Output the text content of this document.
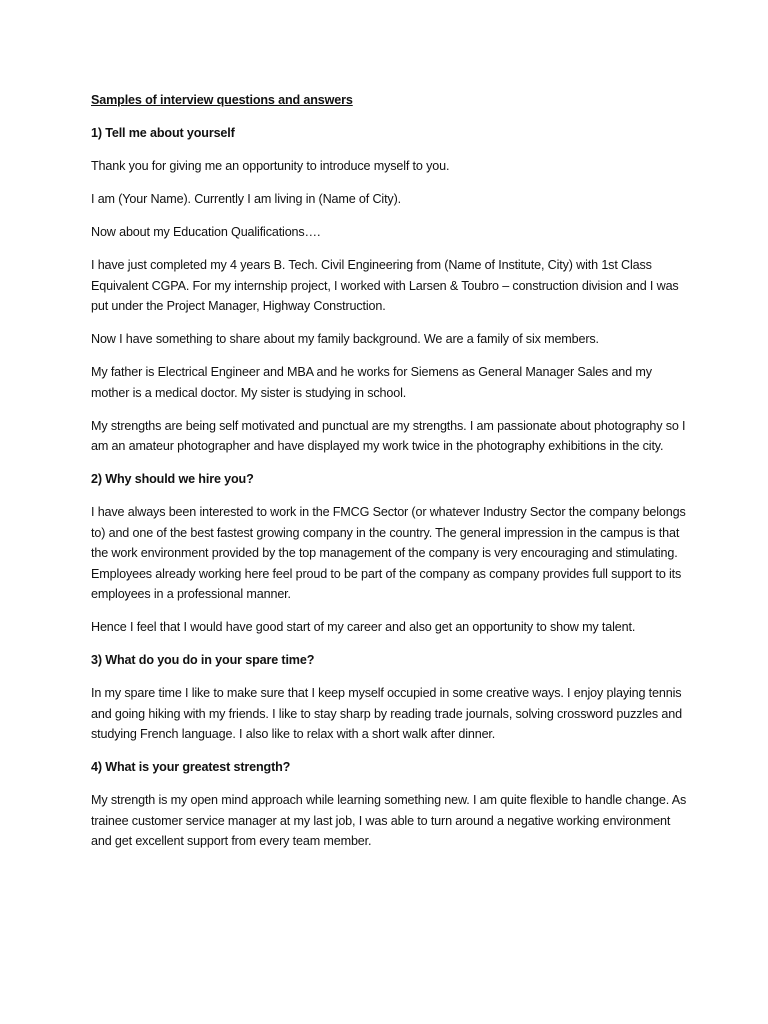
Samples of interview questions and answers
1) Tell me about yourself
Thank you for giving me an opportunity to introduce myself to you.
I am (Your Name). Currently I am living in (Name of City).
Now about my Education Qualifications….
I have just completed my 4 years B. Tech. Civil Engineering from (Name of Institute, City) with 1st Class Equivalent CGPA. For my internship project, I worked with Larsen & Toubro – construction division and I was put under the Project Manager, Highway Construction.
Now I have something to share about my family background. We are a family of six members.
My father is Electrical Engineer and MBA and he works for Siemens as General Manager Sales and my mother is a medical doctor. My sister is studying in school.
My strengths are being self motivated and punctual are my strengths. I am passionate about photography so I am an amateur photographer and have displayed my work twice in the photography exhibitions in the city.
2) Why should we hire you?
I have always been interested to work in the FMCG Sector (or whatever Industry Sector the company belongs to) and one of the best fastest growing company in the country. The general impression in the campus is that the work environment provided by the top management of the company is very encouraging and stimulating. Employees already working here feel proud to be part of the company as company provides full support to its employees in a professional manner.
Hence I feel that I would have good start of my career and also get an opportunity to show my talent.
3) What do you do in your spare time?
In my spare time I like to make sure that I keep myself occupied in some creative ways. I enjoy playing tennis and going hiking with my friends. I like to stay sharp by reading trade journals, solving crossword puzzles and studying French language. I also like to relax with a short walk after dinner.
4) What is your greatest strength?
My strength is my open mind approach while learning something new. I am quite flexible to handle change. As trainee customer service manager at my last job, I was able to turn around a negative working environment and get excellent support from every team member.
